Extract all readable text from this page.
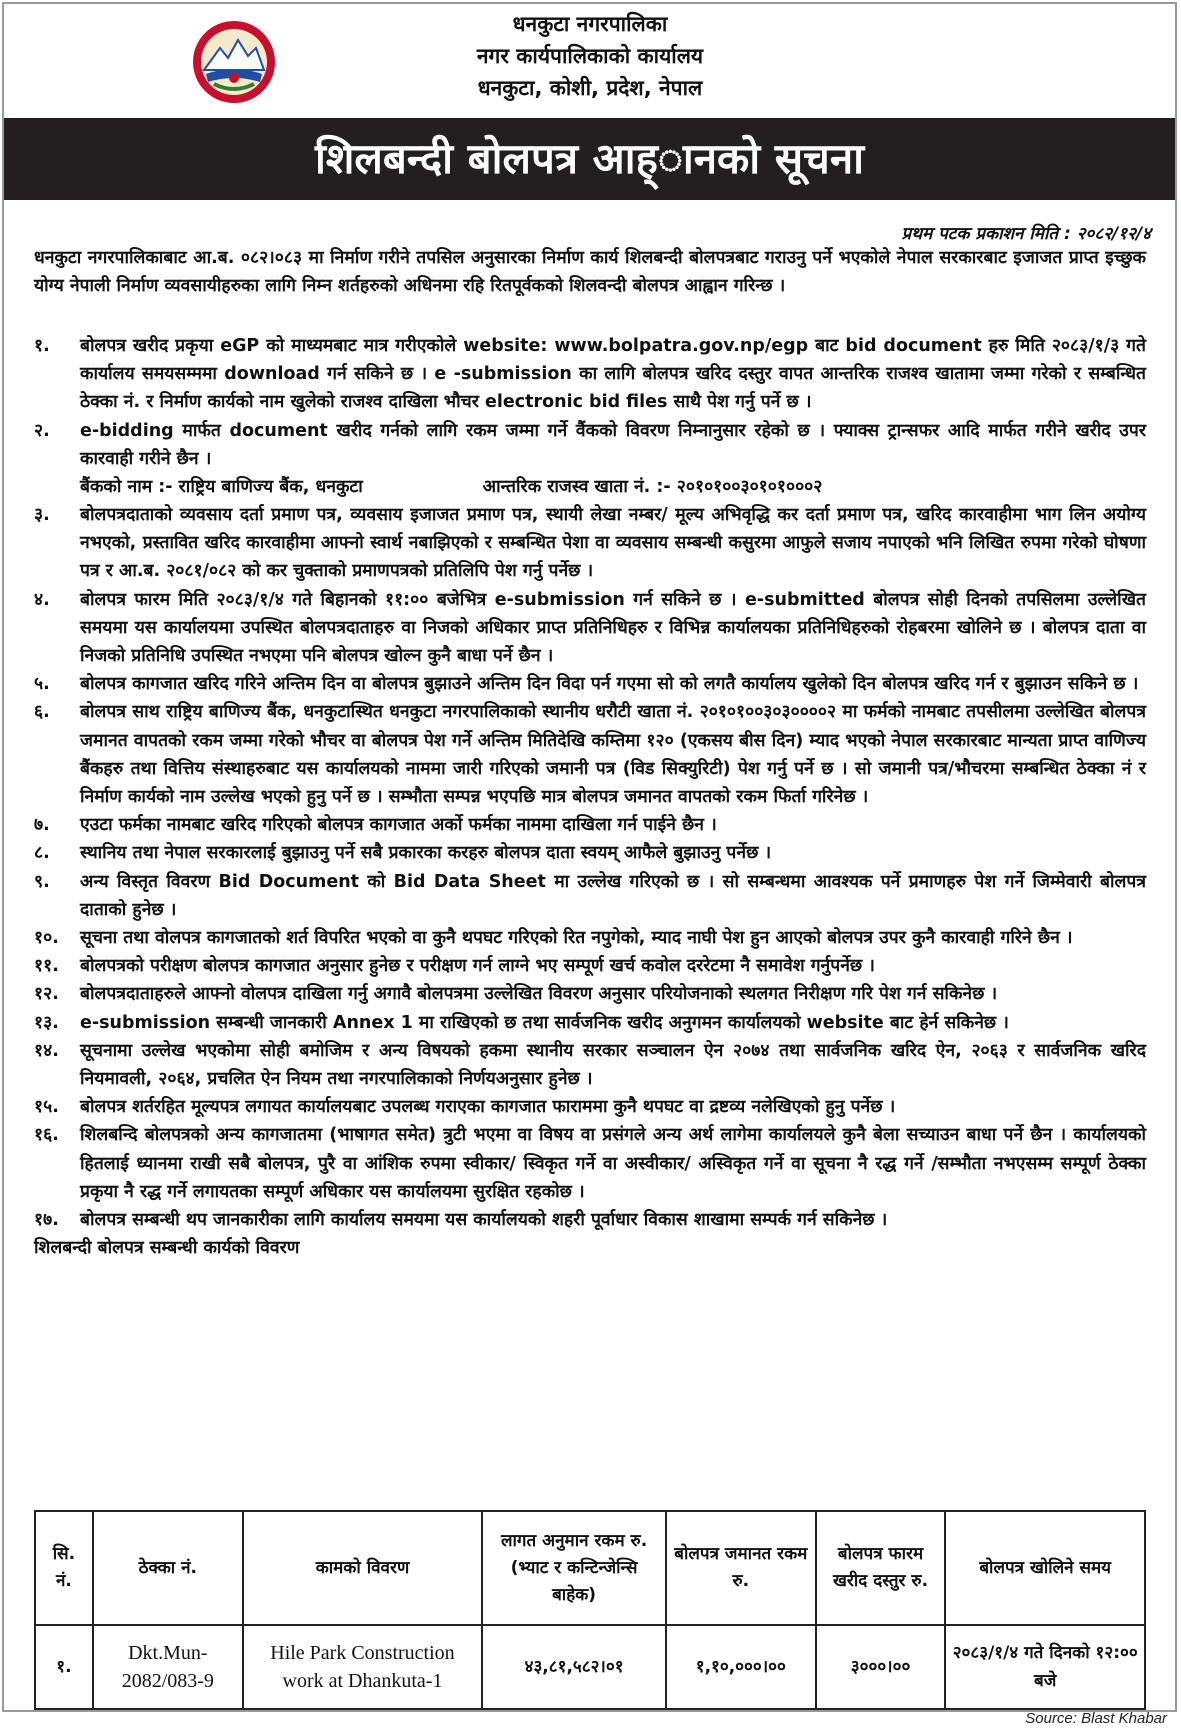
धनकुटा नगरपालिका
नगर कार्यपालिकाको कार्यालय
धनकुटा, कोशी, प्रदेश, नेपाल
शिलबन्दी बोलपत्र आह्ानको सूचना
प्रथम पटक प्रकाशन मिति : २०८२/१२/४
धनकुटा नगरपालिकाबाट आ.ब. ०८२।०८३ मा निर्माण गरीने तपसिल अनुसारका निर्माण कार्य शिलबन्दी बोलपत्रबाट गराउनु पर्ने भएकोले नेपाल सरकारबाट इजाजत प्राप्त इच्छुक योग्य नेपाली निर्माण व्यवसायीहरुका लागि निम्न शर्तहरुको अधिनमा रहि रितपूर्वकको शिलवन्दी बोलपत्र आह्वान गरिन्छ ।
१.	बोलपत्र खरीद प्रकृया eGP को माध्यमबाट मात्र गरीएकोले website: www.bolpatra.gov.np/egp बाट bid document हरु मिति २०८३/१/३ गते कार्यालय समयसम्ममा download गर्न सकिने छ । e -submission का लागि बोलपत्र खरिद दस्तुर वापत आन्तरिक राजश्व खातामा जम्मा गरेको र सम्बन्धित ठेक्का नं. र निर्माण कार्यको नाम खुलेको राजश्व दाखिला भौचर electronic bid files साथै पेश गर्नु पर्ने छ ।
२.	e-bidding मार्फत document खरीद गर्नको लागि रकम जम्मा गर्ने वैंकको विवरण निम्नानुसार रहेको छ । फ्याक्स ट्रान्सफर आदि मार्फत गरीने खरीद उपर कारवाही गरीने छैन ।
बैंकको नाम :- राष्ट्रिय बाणिज्य बैंक, धनकुटा	आन्तरिक राजस्व खाता नं. :- २०१०१००३०१०१०००२
३.	बोलपत्रदाताको व्यवसाय दर्ता प्रमाण पत्र, व्यवसाय इजाजत प्रमाण पत्र, स्थायी लेखा नम्बर/ मूल्य अभिवृद्धि कर दर्ता प्रमाण पत्र, खरिद कारवाहीमा भाग लिन अयोग्य नभएको, प्रस्तावित खरिद कारवाहीमा आफ्नो स्वार्थ नबाझिएको र सम्बन्धित पेशा वा व्यवसाय सम्बन्धी कसुरमा आफुले सजाय नपाएको भनि लिखित रुपमा गरेको घोषणा पत्र र आ.ब. २०८१/०८२ को कर चुक्ताको प्रमाणपत्रको प्रतिलिपि पेश गर्नु पर्नेछ ।
४.	बोलपत्र फारम मिति २०८३/१/४ गते बिहानको ११:०० बजेभित्र e-submission गर्न सकिने छ । e-submitted बोलपत्र सोही दिनको तपसिलमा उल्लेखित समयमा यस कार्यालयमा उपस्थित बोलपत्रदाताहरु वा निजको अधिकार प्राप्त प्रतिनिधिहरु र विभिन्न कार्यालयका प्रतिनिधिहरुको रोहबरमा खोलिने छ । बोलपत्र दाता वा निजको प्रतिनिधि उपस्थित नभएमा पनि बोलपत्र खोल्न कुनै बाधा पर्ने छैन ।
५.	बोलपत्र कागजात खरिद गरिने अन्तिम दिन वा बोलपत्र बुझाउने अन्तिम दिन विदा पर्न गएमा सो को लगतै कार्यालय खुलेको दिन बोलपत्र खरिद गर्न र बुझाउन सकिने छ ।
६.	बोलपत्र साथ राष्ट्रिय बाणिज्य बैंक, धनकुटास्थित धनकुटा नगरपालिकाको स्थानीय धरौटी खाता नं. २०१०१००३०३००००२ मा फर्मको नामबाट तपसीलमा उल्लेखित बोलपत्र जमानत वापतको रकम जम्मा गरेको भौचर वा बोलपत्र पेश गर्ने अन्तिम मितिदेखि कम्तिमा १२० (एकसय बीस दिन) म्याद भएको नेपाल सरकारबाट मान्यता प्राप्त वाणिज्य बैंकहरु तथा वित्तिय संस्थाहरुबाट यस कार्यालयको नाममा जारी गरिएको जमानी पत्र (विड सिक्युरिटी) पेश गर्नु पर्ने छ । सो जमानी पत्र/भौचरमा सम्बन्धित ठेक्का नं र निर्माण कार्यको नाम उल्लेख भएको हुनु पर्ने छ । सम्भौता सम्पन्न भएपछि मात्र बोलपत्र जमानत वापतको रकम फिर्ता गरिनेछ ।
७.	एउटा फर्मका नामबाट खरिद गरिएको बोलपत्र कागजात अर्को फर्मका नाममा दाखिला गर्न पाईने छैन ।
८.	स्थानिय तथा नेपाल सरकारलाई बुझाउनु पर्ने सबै प्रकारका करहरु बोलपत्र दाता स्वयम् आफैले बुझाउनु पर्नेछ ।
९.	अन्य विस्तृत विवरण Bid Document को Bid Data Sheet मा उल्लेख गरिएको छ । सो सम्बन्धमा आवश्यक पर्ने प्रमाणहरु पेश गर्ने जिम्मेवारी बोलपत्र दाताको हुनेछ ।
१०.	सूचना तथा वोलपत्र कागजातको शर्त विपरित भएको वा कुनै थपघट गरिएको रित नपुगेको, म्याद नाघी पेश हुन आएको बोलपत्र उपर कुनै कारवाही गरिने छैन ।
११.	बोलपत्रको परीक्षण बोलपत्र कागजात अनुसार हुनेछ र परीक्षण गर्न लाग्ने भए सम्पूर्ण खर्च कवोल दररेटमा नै समावेश गर्नुपर्नेछ ।
१२.	बोलपत्रदाताहरुले आफ्नो वोलपत्र दाखिला गर्नु अगावै बोलपत्रमा उल्लेखित विवरण अनुसार परियोजनाको स्थलगत निरीक्षण गरि पेश गर्न सकिनेछ ।
१३.	e-submission सम्बन्धी जानकारी Annex 1 मा राखिएको छ तथा सार्वजनिक खरीद अनुगमन कार्यालयको website बाट हेर्न सकिनेछ ।
१४.	सूचनामा उल्लेख भएकोमा सोही बमोजिम र अन्य विषयको हकमा स्थानीय सरकार सञ्चालन ऐन २०७४ तथा सार्वजनिक खरिद ऐन, २०६३ र सार्वजनिक खरिद नियमावली, २०६४, प्रचलित ऐन नियम तथा नगरपालिकाको निर्णयअनुसार हुनेछ ।
१५.	बोलपत्र शर्तरहित मूल्यपत्र लगायत कार्यालयबाट उपलब्ध गराएका कागजात फाराममा कुनै थपघट वा द्रष्टव्य नलेखिएको हुनु पर्नेछ ।
१६.	शिलबन्दि बोलपत्रको अन्य कागजातमा (भाषागत समेत) त्रुटी भएमा वा विषय वा प्रसंगले अन्य अर्थ लागेमा कार्यालयले कुनै बेला सच्याउन बाधा पर्ने छैन । कार्यालयको हितलाई ध्यानमा राखी सबै बोलपत्र, पुरै वा आंशिक रुपमा स्वीकार/ स्विकृत गर्ने वा अस्वीकार/ अस्विकृत गर्ने वा सूचना नै रद्ध गर्ने /सम्भौता नभएसम्म सम्पूर्ण ठेक्का प्रकृया नै रद्ध गर्ने लगायतका सम्पूर्ण अधिकार यस कार्यालयमा सुरक्षित रहकोछ ।
१७.	बोलपत्र सम्बन्धी थप जानकारीका लागि कार्यालय समयमा यस कार्यालयको शहरी पूर्वाधार विकास शाखामा सम्पर्क गर्न सकिनेछ ।
शिलबन्दी बोलपत्र सम्बन्धी कार्यको विवरण
सि. नं.	ठेक्का नं.	कामको विवरण	लागत अनुमान रकम रु. (भ्याट र कन्टिन्जेन्सि बाहेक)	बोलपत्र जमानत रकम रु.	बोलपत्र फारम खरीद दस्तुर रु.	बोलपत्र खोलिने समय
१.	Dkt.Mun-2082/083-9	Hile Park Construction work at Dhankuta-1	४३,८१,५८२।०१	१,१०,०००।००	३०००।००	२०८३/१/४ गते दिनको १२:०० बजे
Source: Blast Khabar
